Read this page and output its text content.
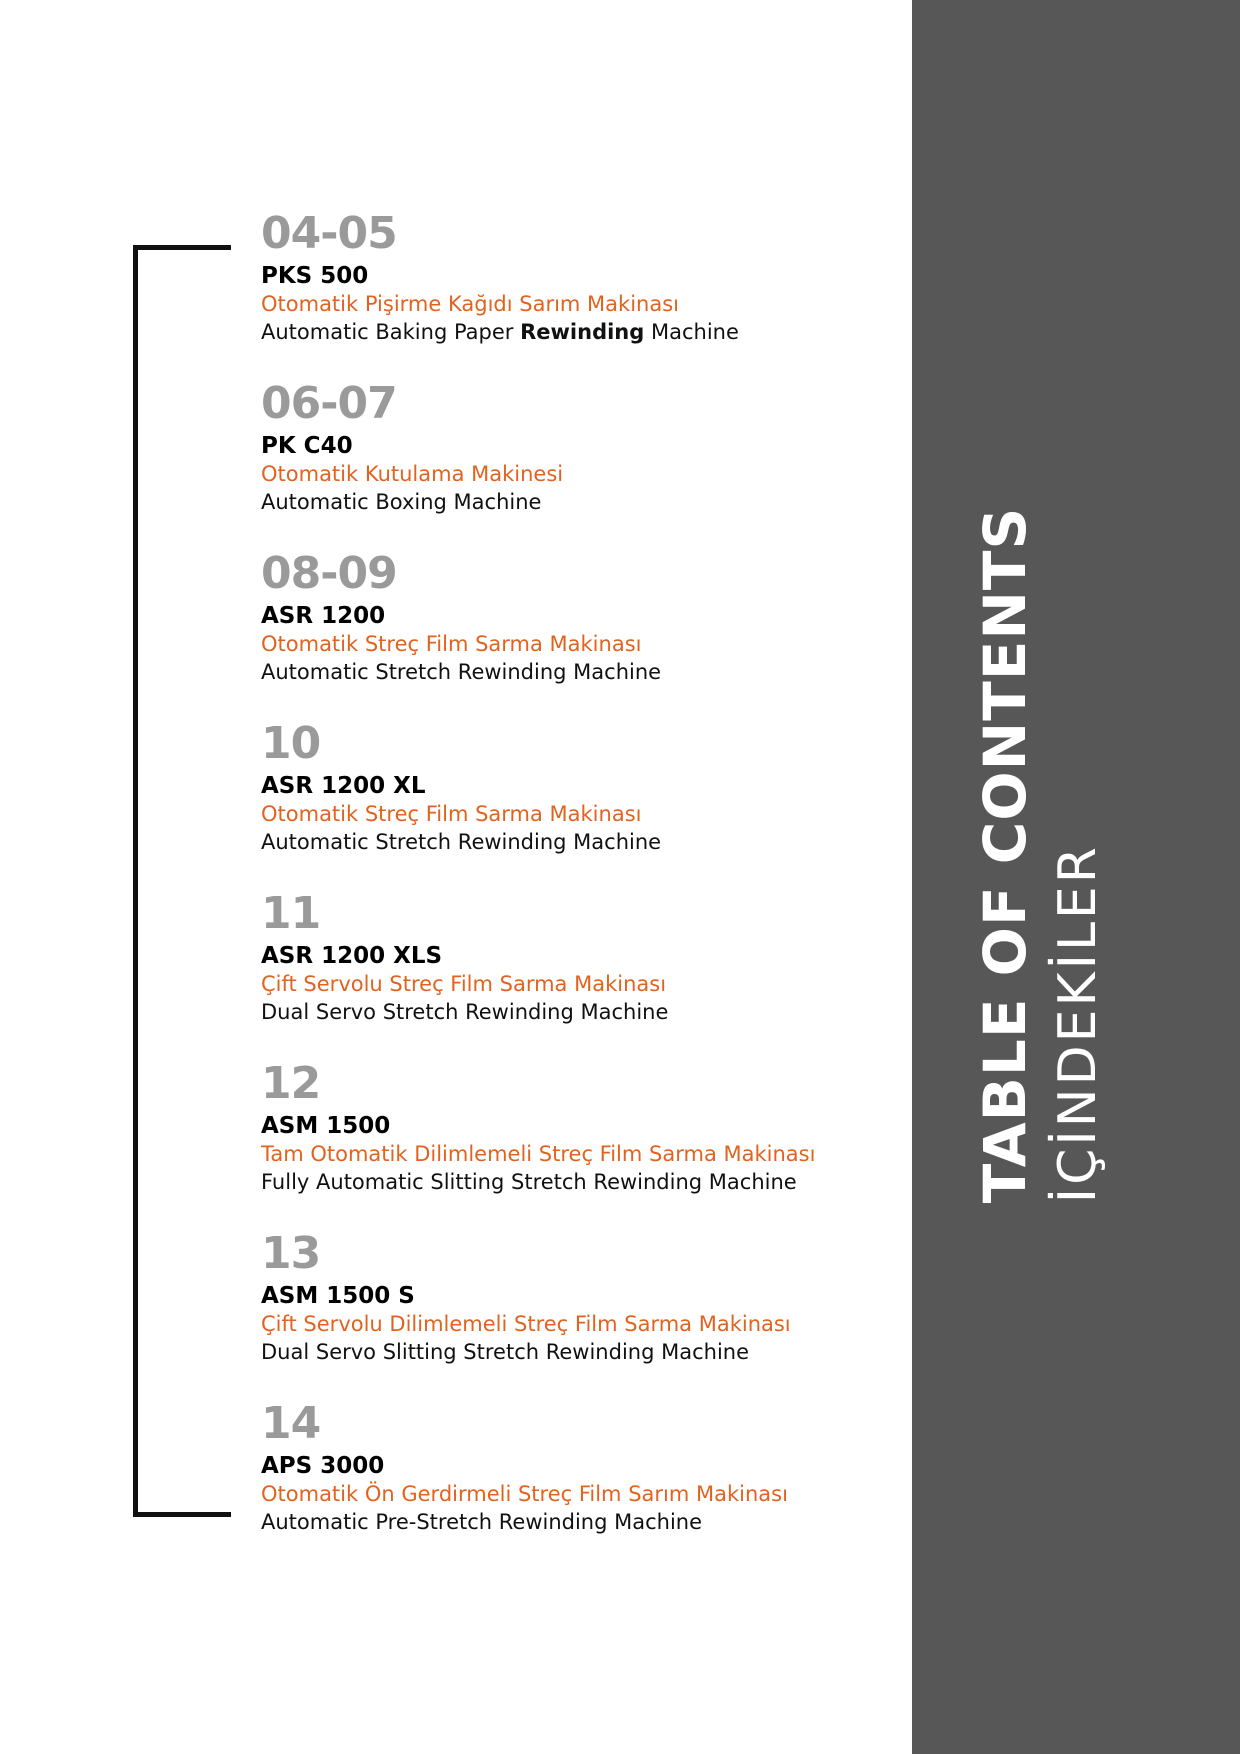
TABLE OF CONTENTS İÇİNDEKİLER
04-05
PKS 500
Otomatik Pişirme Kağıdı Sarım Makinası
Automatic Baking Paper Rewinding Machine
06-07
PK C40
Otomatik Kutulama Makinesi
Automatic Boxing Machine
08-09
ASR 1200
Otomatik Streç Film Sarma Makinası
Automatic Stretch Rewinding Machine
10
ASR 1200 XL
Otomatik Streç Film Sarma Makinası
Automatic Stretch Rewinding Machine
11
ASR 1200 XLS
Çift Servolu Streç Film Sarma Makinası
Dual Servo Stretch Rewinding Machine
12
ASM 1500
Tam Otomatik Dilimlemeli Streç Film Sarma Makinası
Fully Automatic Slitting Stretch Rewinding Machine
13
ASM 1500 S
Çift Servolu Dilimlemeli Streç Film Sarma Makinası
Dual Servo Slitting Stretch Rewinding Machine
14
APS 3000
Otomatik Ön Gerdirmeli Streç Film Sarım Makinası
Automatic Pre-Stretch Rewinding Machine
